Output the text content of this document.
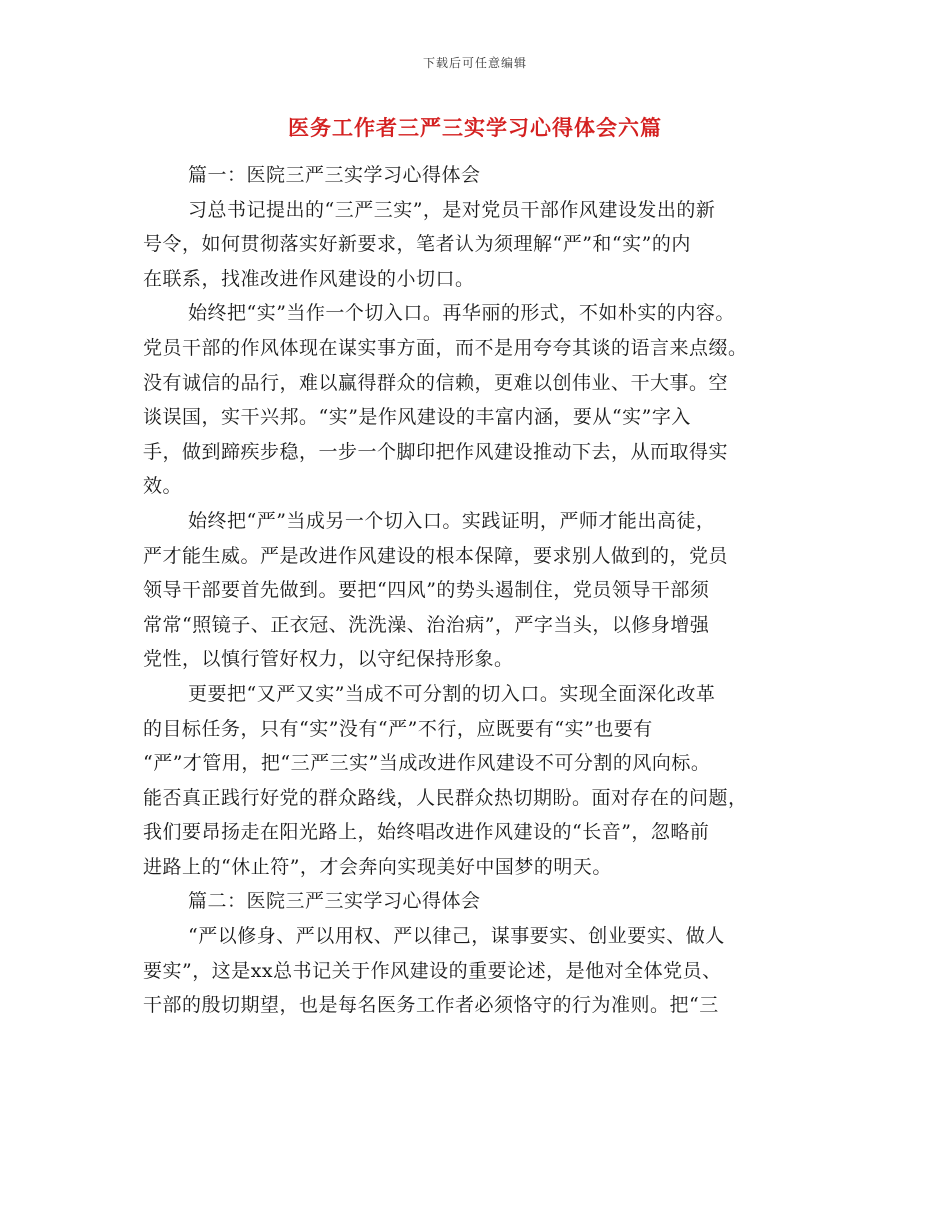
下载后可任意编辑
医务工作者三严三实学习心得体会六篇
篇一：医院三严三实学习心得体会
习总书记提出的“三严三实”，是对党员干部作风建设发出的新
号令，如何贯彻落实好新要求，笔者认为须理解“严”和“实”的内
在联系，找准改进作风建设的小切口。
始终把“实”当作一个切入口。再华丽的形式，不如朴实的内容。
党员干部的作风体现在谋实事方面，而不是用夸夸其谈的语言来点缀。
没有诚信的品行，难以赢得群众的信赖，更难以创伟业、干大事。空
谈误国，实干兴邦。“实”是作风建设的丰富内涵，要从“实”字入
手，做到蹄疾步稳，一步一个脚印把作风建设推动下去，从而取得实
效。
始终把“严”当成另一个切入口。实践证明，严师才能出高徒，
严才能生威。严是改进作风建设的根本保障，要求别人做到的，党员
领导干部要首先做到。要把“四风”的势头遏制住，党员领导干部须
常常“照镜子、正衣冠、洗洗澡、治治病”，严字当头，以修身增强
党性，以慎行管好权力，以守纪保持形象。
更要把“又严又实”当成不可分割的切入口。实现全面深化改革
的目标任务，只有“实”没有“严”不行，应既要有“实”也要有
“严”才管用，把“三严三实”当成改进作风建设不可分割的风向标。
能否真正践行好党的群众路线，人民群众热切期盼。面对存在的问题，
我们要昂扬走在阳光路上，始终唱改进作风建设的“长音”，忽略前
进路上的“休止符”，才会奔向实现美好中国梦的明天。
篇二：医院三严三实学习心得体会
“严以修身、严以用权、严以律己，谋事要实、创业要实、做人
要实”，这是xx总书记关于作风建设的重要论述，是他对全体党员、
干部的殷切期望，也是每名医务工作者必须恪守的行为准则。把“三
